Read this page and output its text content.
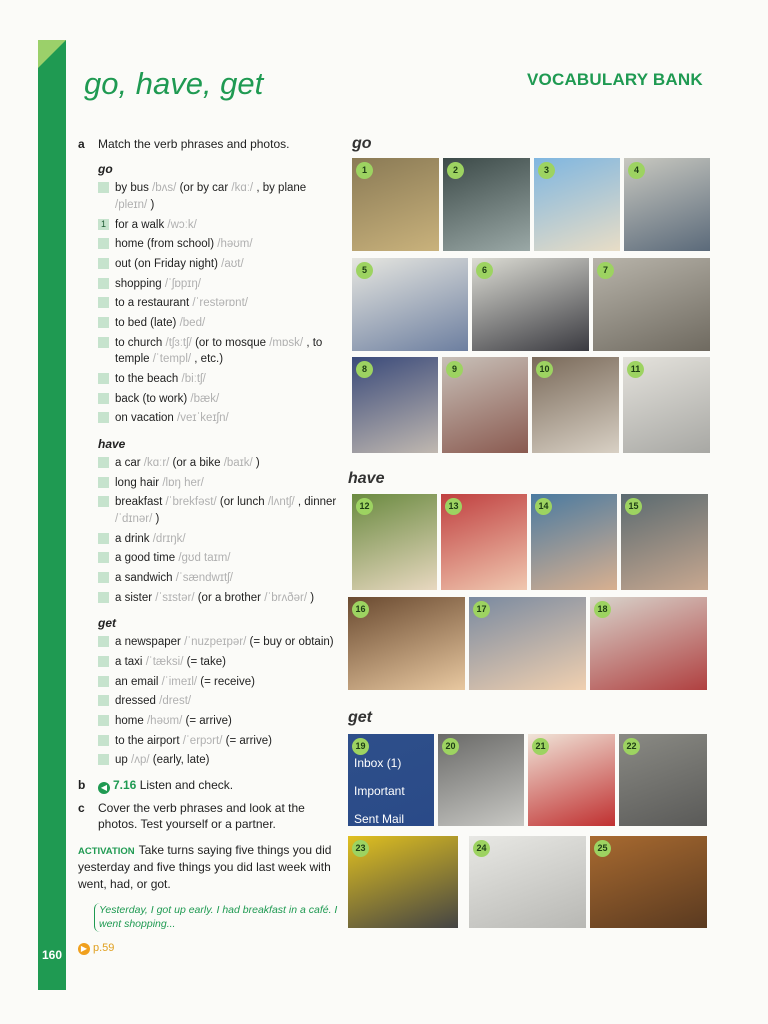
160
go, have, get	VOCABULARY BANK
a	Match the verb phrases and photos.
go
by bus /bʌs/ (or by car /kɑː/ , by plane /pleɪn/ )
1 for a walk /wɔːk/
home (from school) /həʊm/
out (on Friday night) /aʊt/
shopping /ˈʃɒpɪŋ/
to a restaurant /ˈrestərɒnt/
to bed (late) /bed/
to church /tʃɜːtʃ/ (or to mosque /mɒsk/ , to temple /ˈtempl/ , etc.)
to the beach /biːtʃ/
back (to work) /bæk/
on vacation /veɪˈkeɪʃn/
have
a car /kɑːr/ (or a bike /baɪk/ )
long hair /lɒŋ her/
breakfast /ˈbrekfəst/ (or lunch /lʌntʃ/ , dinner /ˈdɪnər/ )
a drink /drɪŋk/
a good time /gʊd taɪm/
a sandwich /ˈsændwɪtʃ/
a sister /ˈsɪstər/ (or a brother /ˈbrʌðər/ )
get
a newspaper /ˈnuzpeɪpər/ (= buy or obtain)
a taxi /ˈtæksi/ (= take)
an email /ˈimeɪl/ (= receive)
dressed /drest/
home /həʊm/ (= arrive)
to the airport /ˈerpɔrt/ (= arrive)
up /ʌp/ (early, late)
b	◀ 7.16 Listen and check.
c	Cover the verb phrases and look at the photos. Test yourself or a partner.
ACTIVATION Take turns saying five things you did yesterday and five things you did last week with went, had, or got.
Yesterday, I got up early. I had breakfast in a café. I went shopping...
▶ p.59
go
have
get
1	2	3	4
5	6	7
8	9	10	11
12	13	14	15
16	17	18
19
Inbox (1)
Important
Sent Mail
20	21	22
23	24	25
